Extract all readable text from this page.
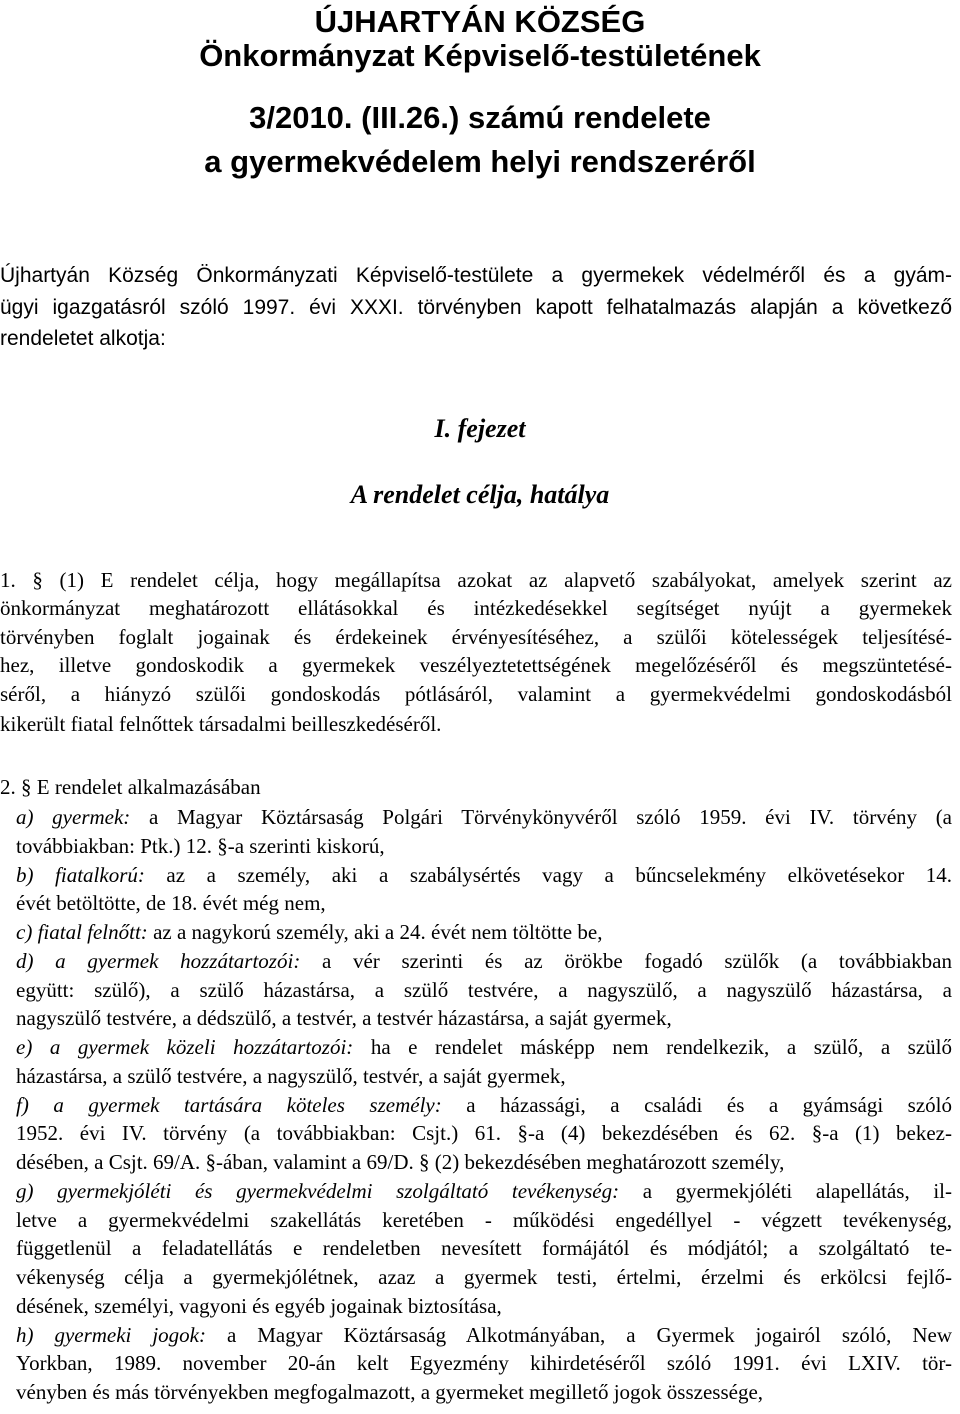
ÚJHARTYÁN KÖZSÉG
Önkormányzat Képviselő-testületének
3/2010. (III.26.) számú rendelete
a gyermekvédelem helyi rendszeréről
Újhartyán Község Önkormányzati Képviselő-testülete a gyermekek védelméről és a gyám-
ügyi igazgatásról szóló 1997. évi XXXI. törvényben kapott felhatalmazás alapján a következő
rendeletet alkotja:
I. fejezet
A rendelet célja, hatálya
1. § (1) E rendelet célja, hogy megállapítsa azokat az alapvető szabályokat, amelyek szerint az
önkormányzat meghatározott ellátásokkal és intézkedésekkel segítséget nyújt a gyermekek
törvényben foglalt jogainak és érdekeinek érvényesítéséhez, a szülői kötelességek teljesítésé-
hez, illetve gondoskodik a gyermekek veszélyeztetettségének megelőzéséről és megszüntetésé-
séről, a hiányzó szülői gondoskodás pótlásáról, valamint a gyermekvédelmi gondoskodásból
kikerült fiatal felnőttek társadalmi beilleszkedéséről.
2. § E rendelet alkalmazásában
a) gyermek: a Magyar Köztársaság Polgári Törvénykönyvéről szóló 1959. évi IV. törvény (a
továbbiakban: Ptk.) 12. §-a szerinti kiskorú,
b) fiatalkorú: az a személy, aki a szabálysértés vagy a bűncselekmény elkövetésekor 14.
évét betöltötte, de 18. évét még nem,
c) fiatal felnőtt: az a nagykorú személy, aki a 24. évét nem töltötte be,
d) a gyermek hozzátartozói: a vér szerinti és az örökbe fogadó szülők (a továbbiakban
együtt: szülő), a szülő házastársa, a szülő testvére, a nagyszülő, a nagyszülő házastársa, a
nagyszülő testvére, a dédszülő, a testvér, a testvér házastársa, a saját gyermek,
e) a gyermek közeli hozzátartozói: ha e rendelet másképp nem rendelkezik, a szülő, a szülő
házastársa, a szülő testvére, a nagyszülő, testvér, a saját gyermek,
f) a gyermek tartására köteles személy: a házassági, a családi és a gyámsági szóló
1952. évi IV. törvény (a továbbiakban: Csjt.) 61. §-a (4) bekezdésében és 62. §-a (1) bekez-
désében, a Csjt. 69/A. §-ában, valamint a 69/D. § (2) bekezdésében meghatározott személy,
g) gyermekjóléti és gyermekvédelmi szolgáltató tevékenység: a gyermekjóléti alapellátás, il-
letve a gyermekvédelmi szakellátás keretében - működési engedéllyel - végzett tevékenység,
függetlenül a feladatellátás e rendeletben nevesített formájától és módjától; a szolgáltató te-
vékenység célja a gyermekjólétnek, azaz a gyermek testi, értelmi, érzelmi és erkölcsi fejlő-
désének, személyi, vagyoni és egyéb jogainak biztosítása,
h) gyermeki jogok: a Magyar Köztársaság Alkotmányában, a Gyermek jogairól szóló, New
Yorkban, 1989. november 20-án kelt Egyezmény kihirdetéséről szóló 1991. évi LXIV. tör-
vényben és más törvényekben megfogalmazott, a gyermeket megillető jogok összessége,
